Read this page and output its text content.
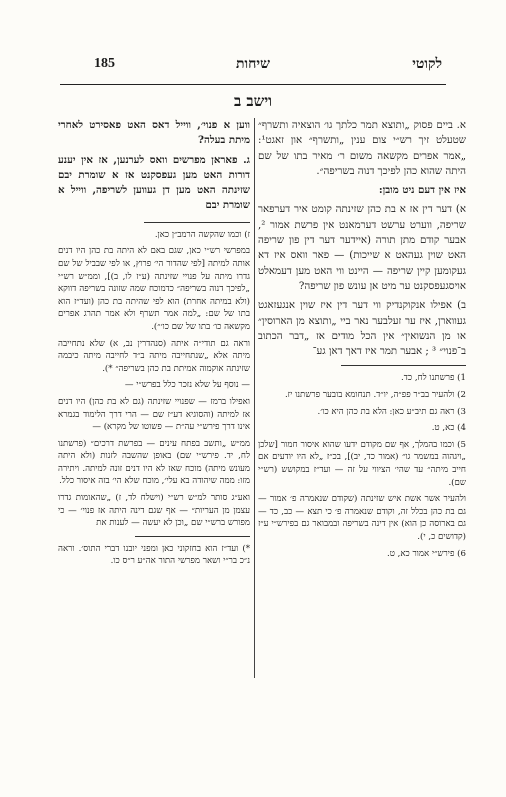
185	שיחות	לקוטי
וישב ב

א. ביים פסוק „ותוצא תמר כלתך גו׳ הוצאיה ותשרף״ שטעלט זיך רש״י צום ענין „ותשרף״ און זאגט¹: „אמר אפרים מקשאה משום ר׳ מאיר בתו של שם היתה שהוא כהן לפיכך דנוה בשריפה״.

איז אין דעם ניט מובן:

א) דער דין אז א בת כהן שזינתה קומט איר דערפאר שריפה, ווערט ערשט דערמאנט אין פרשת אמור ², אבער קודם מתן תורה (איידער דער דין פון שריפה האט שוין געהאט א שייכות) — פאר וואס איז דא געקומען קיין שריפה — היינט ווי האט מען דעמאלט אויסגעפסקנט ער מיט אן עונש פון שריפה?

ב) אפילו אנקוקנדיק ווי דער דין איז שוין אנגעזאגט געווארן, איז ער זעלבער נאר ביי „ותוצא מן הארוסין״ או מן הנשואין״ אין הכל מודים אז „דבר הכתוב ב־פנוי״ ³ ; אבער תמר איז דאך דאן גע־

1) פרשתנו לח, כד.

2) ולהעיר בב״ר פפ״ה, יו״ד. תנחומא בובער פרשתנו יז.

3) ראה גם תיב״ע כאן: הלא בת כהן היא כו׳.

4) כא, ט.

5) וכמו בהמלך, אף שם מקודם ידעו שהוא איסור חמור [שלכן „ויגהוה במשמר גו״ (אמור כד, יב)], בכ״ז „לא היו יודעים אם חייב מיתה״ עד שהי׳ הציווי על זה — ועד״ז במקושש (רש״י שם).

ולהעיר אשר אשת איש שזינתה (שקודם שנאמרה פ׳ אמור — גם בת כהן בכלל זה, וקודם שנאמרה פ׳ כי תצא — כב, כד — גם בארוסה כן הוא) אין דינה בשריפה ובמבואר גם בפירש״י ע״ז (קדושים כ, י).

6) פירש״י אמור כא, ט.

ווען א פנוי׳, ווייל דאס האט פאסירט לאחרי מיתת בעלה?

ג. פאראן מפרשים וואס לערנען, אז אין יענע דורות האט מען געפסקנט אז א שומרת יבם שזינתה האט מען דן געווען לשריפה, ווייל א שומרת יבם

ז) וכמו שהקשה הרמב״ן כאן.

במפרשי רש״י כאן, שגם באם לא היתה בת כהן היו דנים אותה למיתה [לפי שהדור הי׳ פרוץ, או לפי שבביל של שם גדרו מיתה על פנויי שזינתה (ע״ז לו, ב)], וממ״ש רש״י „לפיכך דנוה בשריפה״ כדמוכח שמה שזונה בשריפה דווקא (ולא במיתה אחרת) הוא לפי שהיתה בת כהן (ועד״ז הוא בתו של שם: „למה אמר תשרף ולא אמר תהרג אפרים מקשאה כו׳ בתו של שם כו׳״).

וראה גם תודי״ה איתה (סנהדרין נב, א) שלא נתחייבה מיתה אלא „שנתחייבה מיתה ב״ד לחייבה מיתה כיבמה שזינתה אוקמוה אמיתת בת כהן בשריפה״ *).

— נוסף על שלא נזכר כלל בפרש״י —

ואפילו ברמז — שפנויי שזינתה (גם לא בת כהן) היו דנים אז למיתה (והסוגיא דע״ז שם — הרי דרך הלימוד בגמרא אינו דרך פירש״י עה״ת — פשוטו של מקרא) —

ממ״ש „ותשב בפתח עינים — בפרשת דרכים״ (פרשתנו לח, יד. פירש״י שם) באופן שהשבה לזנות (ולא היתה מעונש מיתה) מוכח שאז לא היו דנים זונה למיתה. ויתירה מזו: ממה שיהודה בא עלי׳, מוכח שלא הי׳ בזה איסור כלל.

ואע״ג סותר למ״ש רש״י (וישלח לד, ז) „שהאומות גדרו עצמן מן העריות״ — אף שגם דינה היתה אז פנוי׳ — כי מפורש ברש״י שם „וכן לא יעשה — לענות את

*) ועד״ז הוא בחזקוני כאן ומפני יובנו דברי התוס׳. וראה נ״כ בר״י ושאר מפרשי התור אה״ע ר״ס כו.
